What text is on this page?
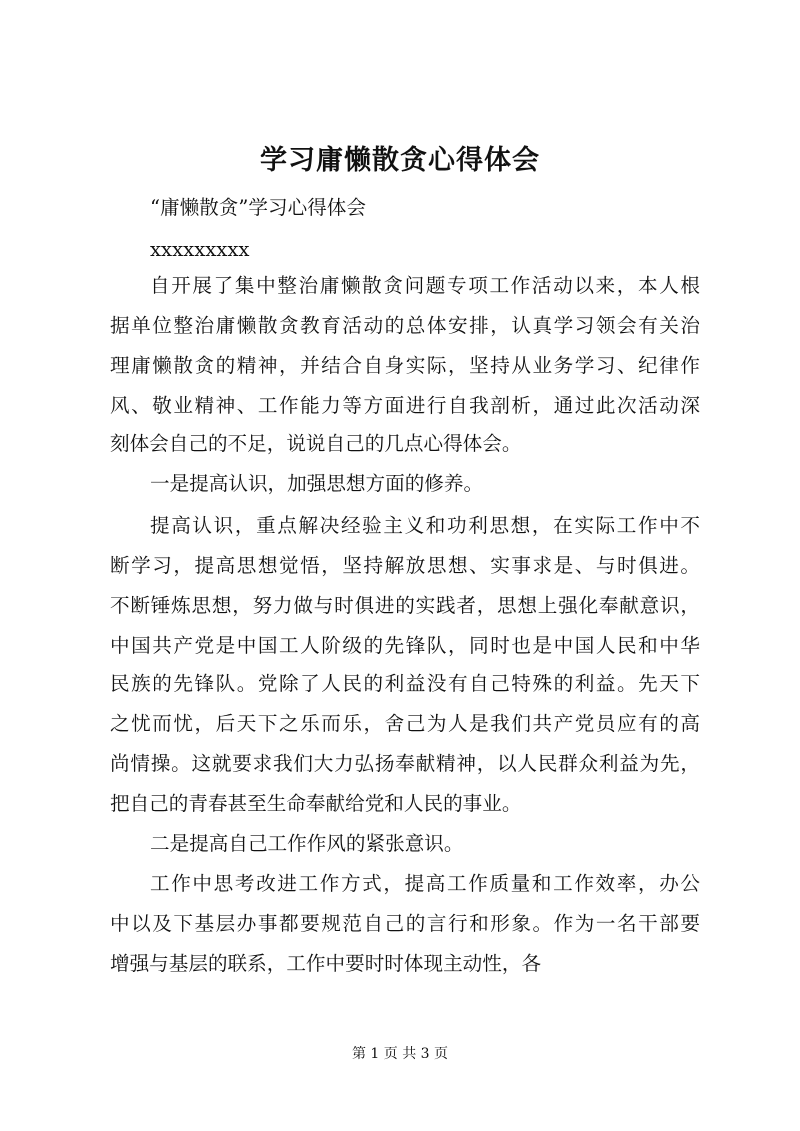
学习庸懒散贪心得体会

“庸懒散贪”学习心得体会

xxxxxxxxx

自开展了集中整治庸懒散贪问题专项工作活动以来，本人根

据单位整治庸懒散贪教育活动的总体安排，认真学习领会有关治

理庸懒散贪的精神，并结合自身实际，坚持从业务学习、纪律作

风、敬业精神、工作能力等方面进行自我剖析，通过此次活动深

刻体会自己的不足，说说自己的几点心得体会。

一是提高认识，加强思想方面的修养。

提高认识，重点解决经验主义和功利思想，在实际工作中不

断学习，提高思想觉悟，坚持解放思想、实事求是、与时俱进。

不断锤炼思想，努力做与时俱进的实践者，思想上强化奉献意识，

中国共产党是中国工人阶级的先锋队，同时也是中国人民和中华

民族的先锋队。党除了人民的利益没有自己特殊的利益。先天下

之忧而忧，后天下之乐而乐，舍己为人是我们共产党员应有的高

尚情操。这就要求我们大力弘扬奉献精神，以人民群众利益为先，

把自己的青春甚至生命奉献给党和人民的事业。

二是提高自己工作作风的紧张意识。

工作中思考改进工作方式，提高工作质量和工作效率，办公

中以及下基层办事都要规范自己的言行和形象。作为一名干部要

增强与基层的联系，工作中要时时体现主动性，各

第 1 页 共 3 页
